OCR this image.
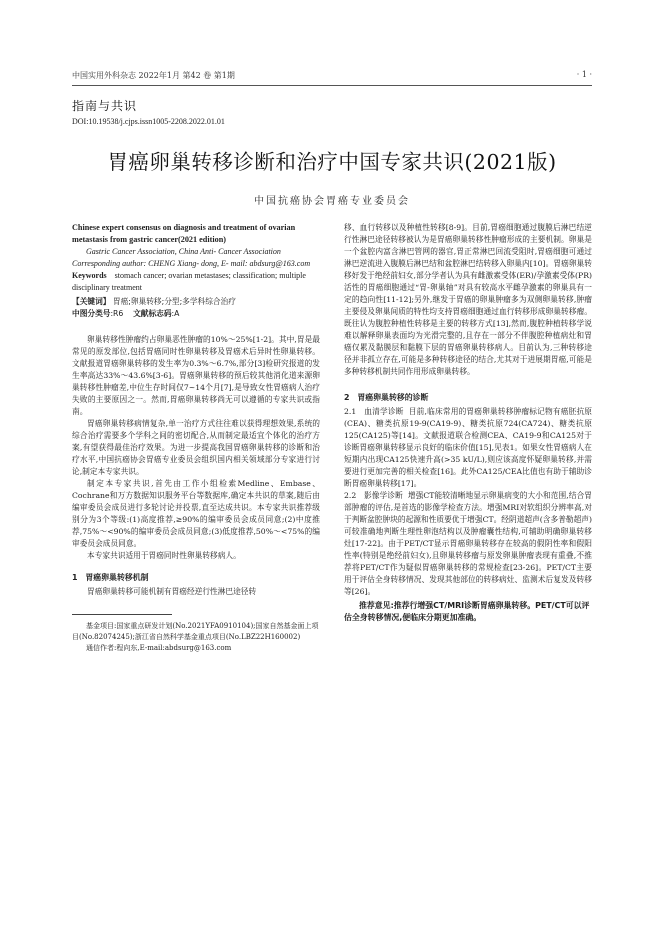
中国实用外科杂志 2022年1月 第42 卷 第1期	· 1 ·
指南与共识
DOI:10.19538/j.cjps.issn1005-2208.2022.01.01
胃癌卵巢转移诊断和治疗中国专家共识(2021版)
中国抗癌协会胃癌专业委员会

Chinese expert consensus on diagnosis and treatment of ovarian metastasis from gastric cancer(2021 edition)

Gastric Cancer Association, China Anti- Cancer Association Corresponding author: CHENG Xiang- dong, E- mail: abdsurg@163.com

Keywords stomach cancer; ovarian metastases; classification; multiple disciplinary treatment

【关键词】 胃癌;卵巢转移;分型;多学科综合治疗

中图分类号:R6 文献标志码:A

卵巢转移性肿瘤约占卵巢恶性肿瘤的10%～25%[1-2]。其中,胃是最常见的原发部位,包括胃癌同时性卵巢转移及胃癌术后异时性卵巢转移。文献报道胃癌卵巢转移的发生率为0.3%～6.7%,部分[3]检研究报道的发生率高达33%～43.6%[3-6]。胃癌卵巢转移的预后较其他消化道来源卵巢转移性肿瘤差,中位生存时间仅7~14个月[7],是导致女性胃癌病人治疗失败的主要原因之一。然而,胃癌卵巢转移尚无可以遵循的专家共识或指南。

胃癌卵巢转移病情复杂,单一治疗方式往往难以获得理想效果,系统的综合治疗需要多个学科之间的密切配合,从而制定最适宜个体化的治疗方案,有望获得最佳治疗效果。为进一步提高我国胃癌卵巢转移的诊断和治疗水平,中国抗癌协会胃癌专业委员会组织国内相关领域部分专家进行讨论,制定本专家共识。

制定本专家共识,首先由工作小组检索Medline、Embase、Cochrane和万方数据知识服务平台等数据库,确定本共识的草案,随后由编审委员会成员进行多轮讨论并投票,直至达成共识。本专家共识推荐级别分为3个等级:(1)高度推荐,≥90%的编审委员会成员同意;(2)中度推荐,75%～<90%的编审委员会成员同意;(3)低度推荐,50%～<75%的编审委员会成员同意。

本专家共识适用于胃癌同时性卵巢转移病人。

1　胃癌卵巢转移机制

胃癌卵巢转移可能机制有胃癌经逆行性淋巴途径转

基金项目:国家重点研发计划(No.2021YFA0910104);国家自然基金面上项目(No.82074245);浙江省自然科学基金重点项目(No.LBZ22H160002)

通信作者:程向东,E-mail:abdsurg@163.com

移、血行转移以及种植性转移[8-9]。目前,胃癌细胞通过腹膜后淋巴结逆行性淋巴途径转移被认为是胃癌卵巢转移性肿瘤形成的主要机制。卵巢是一个盆腔内富含淋巴管网的器官,胃正常淋巴回流受阻时,胃癌细胞可通过淋巴逆流进入腹膜后淋巴结和盆腔淋巴结转移入卵巢内[10]。胃癌卵巢转移好发于绝经前妇女,部分学者认为具有雌激素受体(ER)/孕激素受体(PR)活性的胃癌细胞通过“胃-卵巢轴”对具有较高水平雌孕激素的卵巢具有一定的趋向性[11-12];另外,继发于胃癌的卵巢肿瘤多为双侧卵巢转移,肿瘤主要侵及卵巢间质的特性均支持胃癌细胞通过血行转移形成卵巢转移瘤。既往认为腹腔种植性转移是主要的转移方式[13],然而,腹腔种植转移学说难以解释卵巢表面均为光滑完整的,且存在一部分不伴腹腔种植病灶和胃癌仅累及黏膜层和黏膜下层的胃癌卵巢转移病人。目前认为,三种转移途径并非孤立存在,可能是多种转移途径的结合,尤其对于进展期胃癌,可能是多种转移机制共同作用形成卵巢转移。

2　胃癌卵巢转移的诊断

2.1　血清学诊断 目前,临床常用的胃癌卵巢转移肿瘤标记物有癌胚抗原(CEA)、糖类抗原19-9(CA19-9)、糖类抗原724(CA724)、糖类抗原125(CA125)等[14]。文献报道联合检测CEA、CA19-9和CA125对于诊断胃癌卵巢转移显示良好的临床价值[15],见表1。如果女性胃癌病人在短期内出现CA125快速升高(>35 kU/L),则应该高度怀疑卵巢转移,并需要进行更加完善的相关检查[16]。此外CA125/CEA比值也有助于辅助诊断胃癌卵巢转移[17]。

2.2　影像学诊断 增强CT能较清晰地显示卵巢病变的大小和范围,结合胃部肿瘤的评估,是首选的影像学检查方法。增强MRI对软组织分辨率高,对于判断盆腔肿块的起源和性质要优于增强CT。经阴道超声(含多普勒超声)可较准确地判断生理性卵泡结构以及肿瘤囊性结构,可辅助明确卵巢转移灶[17-22]。由于PET/CT显示胃癌卵巢转移存在较高的假阴性率和假阳性率(特别是绝经前妇女),且卵巢转移瘤与原发卵巢肿瘤表现有重叠,不推荐将PET/CT作为疑似胃癌卵巢转移的常规检查[23-26]。PET/CT主要用于评估全身转移情况、发现其他部位的转移病灶、监测术后复发及转移等[26]。

推荐意见:推荐行增强CT/MRI诊断胃癌卵巢转移。PET/CT可以评估全身转移情况,便临床分期更加准确。
